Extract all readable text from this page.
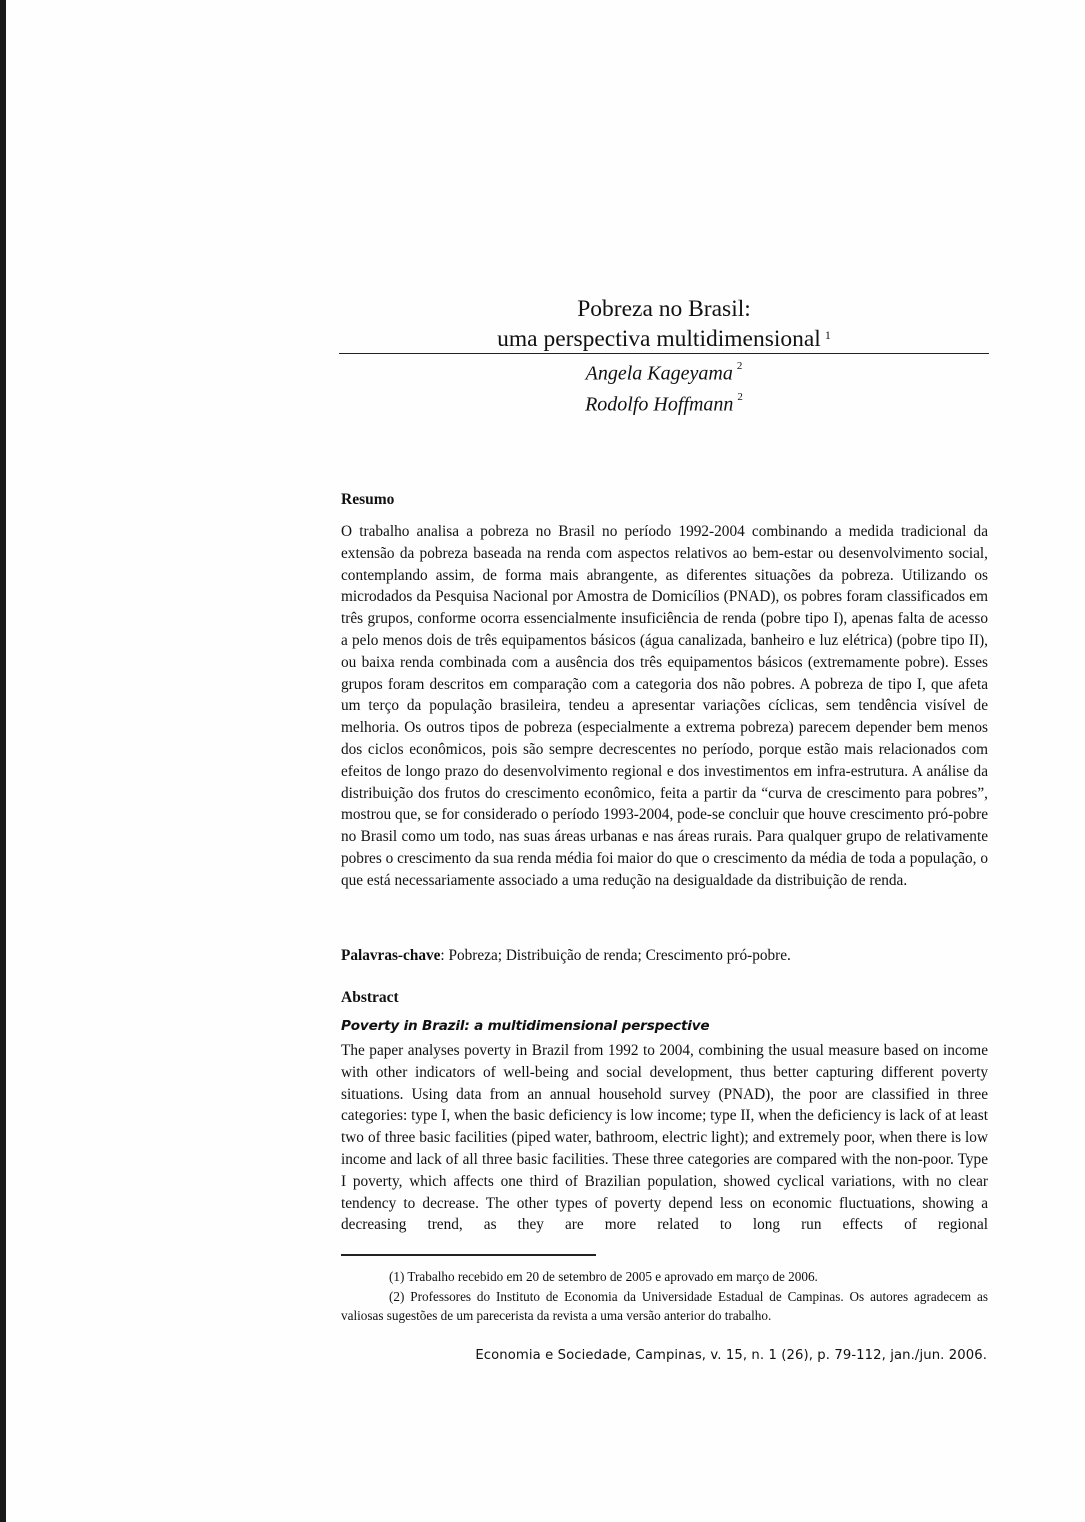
Pobreza no Brasil:
uma perspectiva multidimensional $^1$
Angela Kageyama $^2$
Rodolfo Hoffmann $^2$
Resumo

O trabalho analisa a pobreza no Brasil no período 1992-2004 combinando a medida tradicional da extensão da pobreza baseada na renda com aspectos relativos ao bem-estar ou desenvolvimento social, contemplando assim, de forma mais abrangente, as diferentes situações da pobreza. Utilizando os microdados da Pesquisa Nacional por Amostra de Domicílios (PNAD), os pobres foram classificados em três grupos, conforme ocorra essencialmente insuficiência de renda (pobre tipo I), apenas falta de acesso a pelo menos dois de três equipamentos básicos (água canalizada, banheiro e luz elétrica) (pobre tipo II), ou baixa renda combinada com a ausência dos três equipamentos básicos (extremamente pobre). Esses grupos foram descritos em comparação com a categoria dos não pobres. A pobreza de tipo I, que afeta um terço da população brasileira, tendeu a apresentar variações cíclicas, sem tendência visível de melhoria. Os outros tipos de pobreza (especialmente a extrema pobreza) parecem depender bem menos dos ciclos econômicos, pois são sempre decrescentes no período, porque estão mais relacionados com efeitos de longo prazo do desenvolvimento regional e dos investimentos em infra-estrutura. A análise da distribuição dos frutos do crescimento econômico, feita a partir da “curva de crescimento para pobres”, mostrou que, se for considerado o período 1993-2004, pode-se concluir que houve crescimento pró-pobre no Brasil como um todo, nas suas áreas urbanas e nas áreas rurais. Para qualquer grupo de relativamente pobres o crescimento da sua renda média foi maior do que o crescimento da média de toda a população, o que está necessariamente associado a uma redução na desigualdade da distribuição de renda.

Palavras-chave: Pobreza; Distribuição de renda; Crescimento pró-pobre.

Abstract
Poverty in Brazil: a multidimensional perspective

The paper analyses poverty in Brazil from 1992 to 2004, combining the usual measure based on income with other indicators of well-being and social development, thus better capturing different poverty situations. Using data from an annual household survey (PNAD), the poor are classified in three categories: type I, when the basic deficiency is low income; type II, when the deficiency is lack of at least two of three basic facilities (piped water, bathroom, electric light); and extremely poor, when there is low income and lack of all three basic facilities. These three categories are compared with the non-poor. Type I poverty, which affects one third of Brazilian population, showed cyclical variations, with no clear tendency to decrease. The other types of poverty depend less on economic fluctuations, showing a decreasing trend, as they are more related to long run effects of regional

(1) Trabalho recebido em 20 de setembro de 2005 e aprovado em março de 2006.

(2) Professores do Instituto de Economia da Universidade Estadual de Campinas. Os autores agradecem as valiosas sugestões de um parecerista da revista a uma versão anterior do trabalho.

Economia e Sociedade, Campinas, v. 15, n. 1 (26), p. 79-112, jan./jun. 2006.
